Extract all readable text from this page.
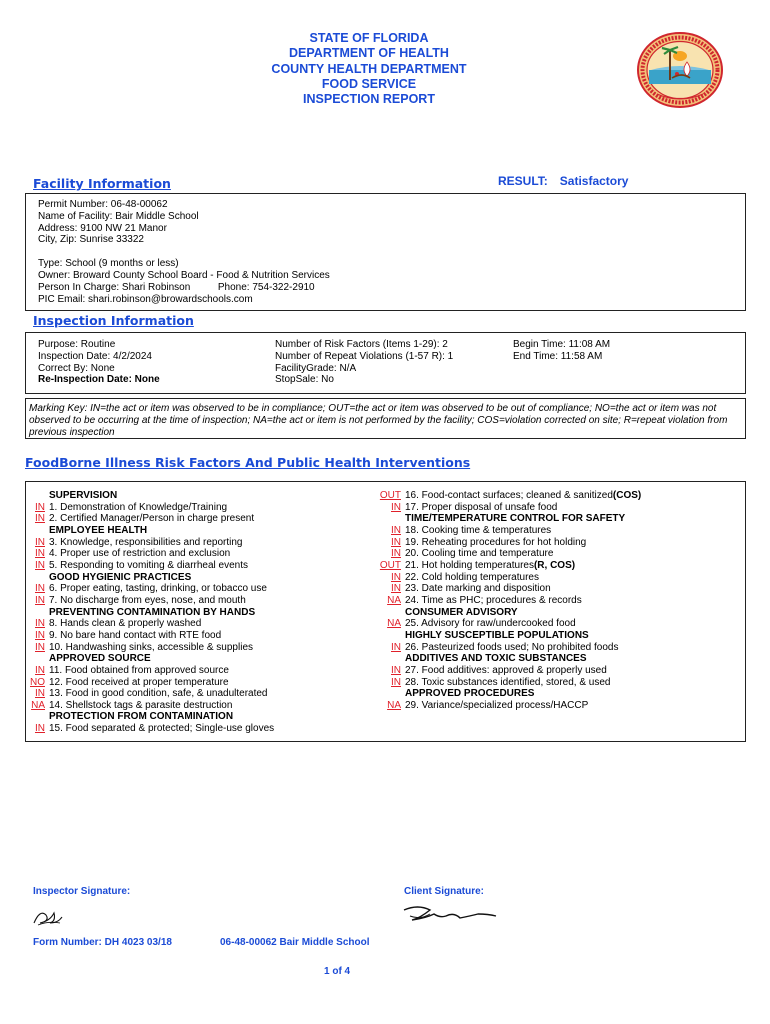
STATE OF FLORIDA
DEPARTMENT OF HEALTH
COUNTY HEALTH DEPARTMENT
FOOD SERVICE
INSPECTION REPORT
Facility Information	RESULT: Satisfactory
Permit Number: 06-48-00062
Name of Facility: Bair Middle School
Address: 9100 NW 21 Manor
City, Zip: Sunrise 33322
Type: School (9 months or less)
Owner: Broward County School Board - Food & Nutrition Services
Person In Charge: Shari Robinson	Phone: 754-322-2910
PIC Email: shari.robinson@browardschools.com
Inspection Information
Purpose: Routine
Inspection Date: 4/2/2024
Correct By: None
Re-Inspection Date: None
Number of Risk Factors (Items 1-29): 2
Number of Repeat Violations (1-57 R): 1
FacilityGrade: N/A
StopSale: No
Begin Time: 11:08 AM
End Time: 11:58 AM
Marking Key: IN=the act or item was observed to be in compliance; OUT=the act or item was observed to be out of compliance; NO=the act or item was not observed to be occurring at the time of inspection; NA=the act or item is not performed by the facility; COS=violation corrected on site; R=repeat violation from previous inspection
FoodBorne Illness Risk Factors And Public Health Interventions
SUPERVISION
IN 1. Demonstration of Knowledge/Training
IN 2. Certified Manager/Person in charge present
EMPLOYEE HEALTH
IN 3. Knowledge, responsibilities and reporting
IN 4. Proper use of restriction and exclusion
IN 5. Responding to vomiting & diarrheal events
GOOD HYGIENIC PRACTICES
IN 6. Proper eating, tasting, drinking, or tobacco use
IN 7. No discharge from eyes, nose, and mouth
PREVENTING CONTAMINATION BY HANDS
IN 8. Hands clean & properly washed
IN 9. No bare hand contact with RTE food
IN 10. Handwashing sinks, accessible & supplies
APPROVED SOURCE
IN 11. Food obtained from approved source
NO 12. Food received at proper temperature
IN 13. Food in good condition, safe, & unadulterated
NA 14. Shellstock tags & parasite destruction
PROTECTION FROM CONTAMINATION
IN 15. Food separated & protected; Single-use gloves
OUT 16. Food-contact surfaces; cleaned & sanitized (COS)
IN 17. Proper disposal of unsafe food
TIME/TEMPERATURE CONTROL FOR SAFETY
IN 18. Cooking time & temperatures
IN 19. Reheating procedures for hot holding
IN 20. Cooling time and temperature
OUT 21. Hot holding temperatures (R, COS)
IN 22. Cold holding temperatures
IN 23. Date marking and disposition
NA 24. Time as PHC; procedures & records
CONSUMER ADVISORY
NA 25. Advisory for raw/undercooked food
HIGHLY SUSCEPTIBLE POPULATIONS
IN 26. Pasteurized foods used; No prohibited foods
ADDITIVES AND TOXIC SUBSTANCES
IN 27. Food additives: approved & properly used
IN 28. Toxic substances identified, stored, & used
APPROVED PROCEDURES
NA 29. Variance/specialized process/HACCP
Inspector Signature:	Client Signature:
Form Number: DH 4023 03/18	06-48-00062 Bair Middle School
1 of 4
